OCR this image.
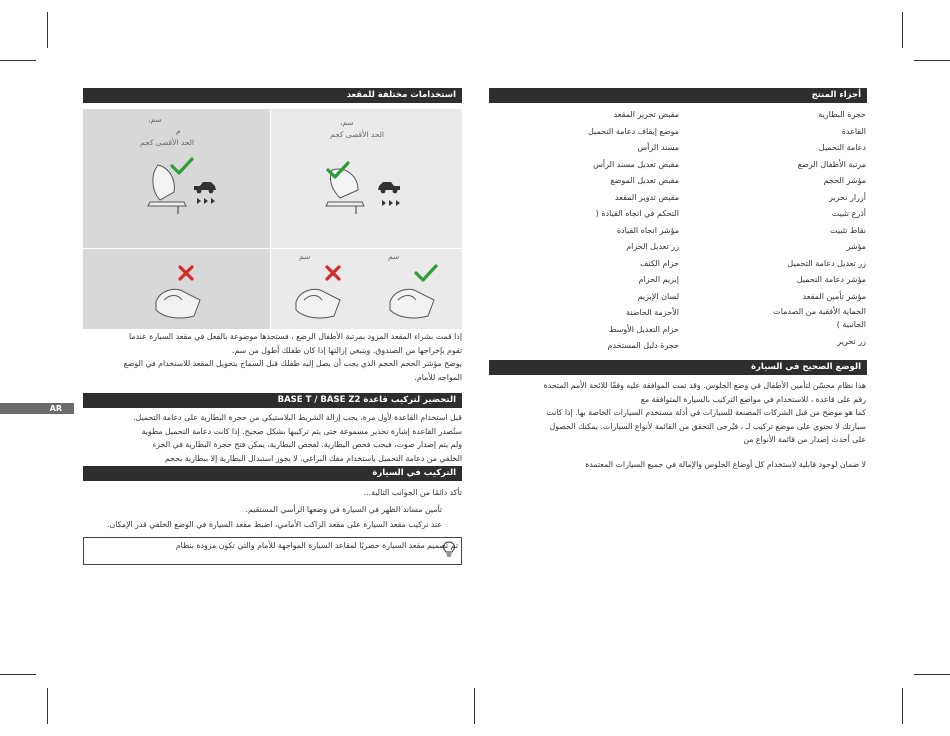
AR
أجزاء المنتج
حجرة البطارية
القاعدة
دعامة التحميل
مرتبة الأطفال الرضع
مؤشر الحجم
أزرار تحرير
أذرع تثبيت
نقاط تثبيت
مؤشر
زر تعديل دعامة التحميل
مؤشر دعامة التحميل
مؤشر تأمين المقعد
الحماية الأفقية من الصدمات
الجانبية )
زر تحرير
مقبض تحرير المقعد
موضع إيقاف دعامة التحميل
مسند الرأس
مقبض تعديل مسند الرأس
مقبض تعديل الموضع
مقبض تدوير المقعد
التحكم في اتجاه القيادة (
مؤشر اتجاه القيادة
زر تعديل الحزام
حزام الكتف
إبزيم الحزام
لسان الإبزيم
الأحزمة الحاضنة
حزام التعديل الأوسط
حجرة دليل المستخدم
الوضع الصحيح في السيارة
هذا نظام محسّن لتأمين الأطفال في وضع الجلوس. وقد تمت الموافقة عليه وفقًا للائحة الأمم المتحدة
رقم على قاعدة ، للاستخدام في مواضع التركيب بالسيارة المتوافقة مع
كما هو موضح من قبل الشركات المصنعة للسيارات في أدلة مستخدم السيارات الخاصة بها. إذا كانت
سيارتك لا تحتوي على موضع تركيب لـ ، فيُرجى التحقق من القائمة لأنواع السيارات. يمكنك الحصول
على أحدث إصدار من قائمة الأنواع من
لا ضمان لوجود قابلية لاستخدام كل أوضاع الجلوس والإمالة في جميع السيارات المعتمدة
استخدامات مختلفة للمقعد
سم،
م
الحد الأقصى كجم
سم،
الحد الأقصى كجم
سم
سم
إذا قمت بشراء المقعد المزود بمرتبة الأطفال الرضع ، فستجدها موضوعة بالفعل في مقعد السيارة عندما
تقوم بإخراجها من الصندوق. وينبغي إزالتها إذا كان طفلك أطول من سم.
يوضح مؤشر الحجم الحجم الذي يجب أن يصل إليه طفلك قبل السماح بتحويل المقعد للاستخدام في الوضع
المواجه للأمام.
التحضير لتركيب قاعدة BASE T / BASE Z2
قبل استخدام القاعدة لأول مرة، يجب إزالة الشريط البلاستيكي من حجرة البطارية على دعامة التحميل.
ستُصدر القاعدة إشارة تحذير مسموعة حتى يتم تركيبها بشكل صحيح. إذا كانت دعامة التحميل مطوية
ولم يتم إصدار صوت، فيجب فحص البطارية. لفحص البطارية، يمكن فتح حجرة البطارية في الجزء
الخلفي من دعامة التحميل باستخدام مفك البراغي. لا يجوز استبدال البطارية إلا ببطارية بحجم
التركيب في السيارة
تأكد دائمًا من الجوانب التالية...
تأمين مساند الظهر في السيارة في وضعها الرأسي المستقيم.
عند تركيب مقعد السيارة على مقعد الراكب الأمامي، اضبط مقعد السيارة في الوضع الخلفي قدر الإمكان.
تم تصميم مقعد السيارة حصريًا لمقاعد السيارة المواجهة للأمام والتي تكون مزودة بنظام
